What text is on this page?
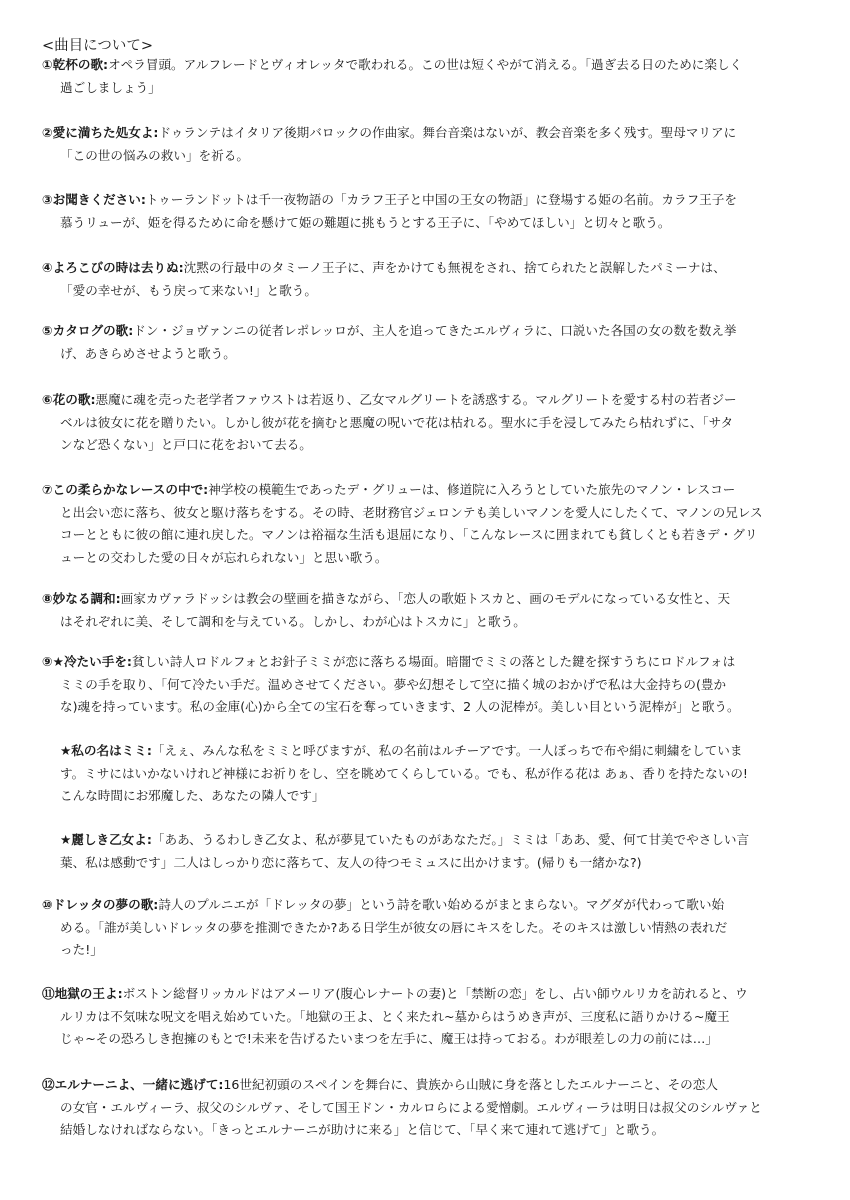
<曲目について>
①乾杯の歌:オペラ冒頭。アルフレードとヴィオレッタで歌われる。この世は短くやがて消える。「過ぎ去る日のために楽しく
過ごしましょう」
②愛に満ちた処女よ:ドゥランテはイタリア後期バロックの作曲家。舞台音楽はないが、教会音楽を多く残す。聖母マリアに
「この世の悩みの救い」を祈る。
③お聞きください:トゥーランドットは千一夜物語の「カラフ王子と中国の王女の物語」に登場する姫の名前。カラフ王子を
慕うリューが、姫を得るために命を懸けて姫の難題に挑もうとする王子に、「やめてほしい」と切々と歌う。
④よろこびの時は去りぬ:沈黙の行最中のタミーノ王子に、声をかけても無視をされ、捨てられたと誤解したパミーナは、
「愛の幸せが、もう戻って来ない!」と歌う。
⑤カタログの歌:ドン・ジョヴァンニの従者レポレッロが、主人を追ってきたエルヴィラに、口説いた各国の女の数を数え挙
げ、あきらめさせようと歌う。
⑥花の歌:悪魔に魂を売った老学者ファウストは若返り、乙女マルグリートを誘惑する。マルグリートを愛する村の若者ジー
ベルは彼女に花を贈りたい。しかし彼が花を摘むと悪魔の呪いで花は枯れる。聖水に手を浸してみたら枯れずに、「サタ
ンなど恐くない」と戸口に花をおいて去る。
⑦この柔らかなレースの中で:神学校の模範生であったデ・グリューは、修道院に入ろうとしていた旅先のマノン・レスコー
と出会い恋に落ち、彼女と駆け落ちをする。その時、老財務官ジェロンテも美しいマノンを愛人にしたくて、マノンの兄レス
コーとともに彼の館に連れ戻した。マノンは裕福な生活も退屈になり、「こんなレースに囲まれても貧しくとも若きデ・グリ
ューとの交わした愛の日々が忘れられない」と思い歌う。
⑧妙なる調和:画家カヴァラドッシは教会の壁画を描きながら、「恋人の歌姫トスカと、画のモデルになっている女性と、天
はそれぞれに美、そして調和を与えている。しかし、わが心はトスカに」と歌う。
⑨★冷たい手を:貧しい詩人ロドルフォとお針子ミミが恋に落ちる場面。暗闇でミミの落とした鍵を探すうちにロドルフォは
ミミの手を取り、「何て冷たい手だ。温めさせてください。夢や幻想そして空に描く城のおかげで私は大金持ちの(豊か
な)魂を持っています。私の金庫(心)から全ての宝石を奪っていきます、2 人の泥棒が。美しい目という泥棒が」と歌う。
★私の名はミミ:「えぇ、みんな私をミミと呼びますが、私の名前はルチーアです。一人ぼっちで布や絹に刺繍をしていま
す。ミサにはいかないけれど神様にお祈りをし、空を眺めてくらしている。でも、私が作る花は あぁ、香りを持たないの!
こんな時間にお邪魔した、あなたの隣人です」
★麗しき乙女よ:「ああ、うるわしき乙女よ、私が夢見ていたものがあなただ。」ミミは「ああ、愛、何て甘美でやさしい言
葉、私は感動です」二人はしっかり恋に落ちて、友人の待つモミュスに出かけます。(帰りも一緒かな?)
⑩ドレッタの夢の歌:詩人のプルニエが「ドレッタの夢」という詩を歌い始めるがまとまらない。マグダが代わって歌い始
める。「誰が美しいドレッタの夢を推測できたか?ある日学生が彼女の唇にキスをした。そのキスは激しい情熱の表れだ
った!」
⑪地獄の王よ:ボストン総督リッカルドはアメーリア(腹心レナートの妻)と「禁断の恋」をし、占い師ウルリカを訪れると、ウ
ルリカは不気味な呪文を唱え始めていた。「地獄の王よ、とく来たれ~墓からはうめき声が、三度私に語りかける~魔王
じゃ~その恐ろしき抱擁のもとで!未来を告げるたいまつを左手に、魔王は持っておる。わが眼差しの力の前には…」
⑫エルナーニよ、一緒に逃げて:16世紀初頭のスペインを舞台に、貴族から山賊に身を落としたエルナーニと、その恋人
の女官・エルヴィーラ、叔父のシルヴァ、そして国王ドン・カルロらによる愛憎劇。エルヴィーラは明日は叔父のシルヴァと
結婚しなければならない。「きっとエルナーニが助けに来る」と信じて、「早く来て連れて逃げて」と歌う。
